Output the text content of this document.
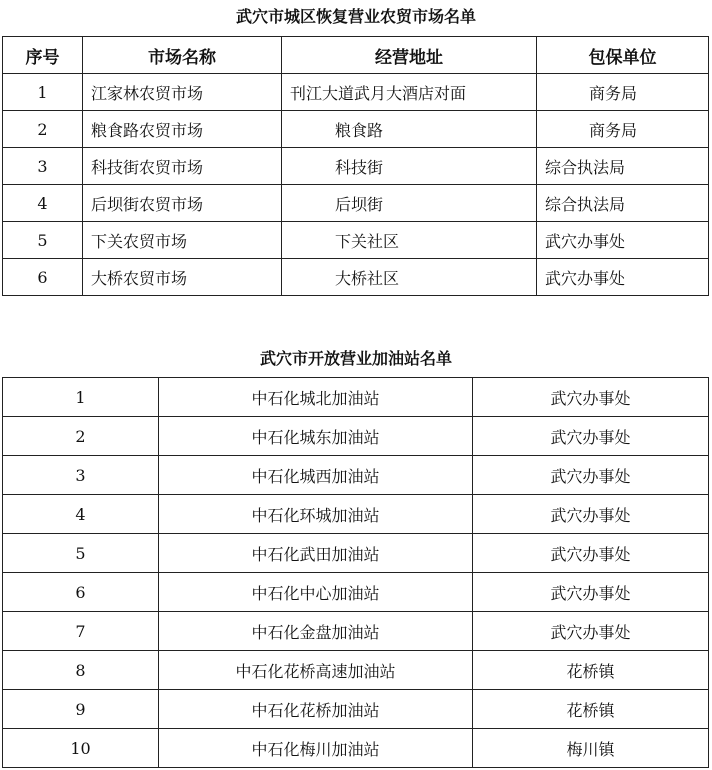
武穴市城区恢复营业农贸市场名单
序号	市场名称	经营地址	包保单位
1	江家林农贸市场	刊江大道武月大酒店对面	商务局
2	粮食路农贸市场	粮食路	商务局
3	科技街农贸市场	科技街	综合执法局
4	后坝街农贸市场	后坝街	综合执法局
5	下关农贸市场	下关社区	武穴办事处
6	大桥农贸市场	大桥社区	武穴办事处
武穴市开放营业加油站名单
1	中石化城北加油站	武穴办事处
2	中石化城东加油站	武穴办事处
3	中石化城西加油站	武穴办事处
4	中石化环城加油站	武穴办事处
5	中石化武田加油站	武穴办事处
6	中石化中心加油站	武穴办事处
7	中石化金盘加油站	武穴办事处
8	中石化花桥高速加油站	花桥镇
9	中石化花桥加油站	花桥镇
10	中石化梅川加油站	梅川镇
